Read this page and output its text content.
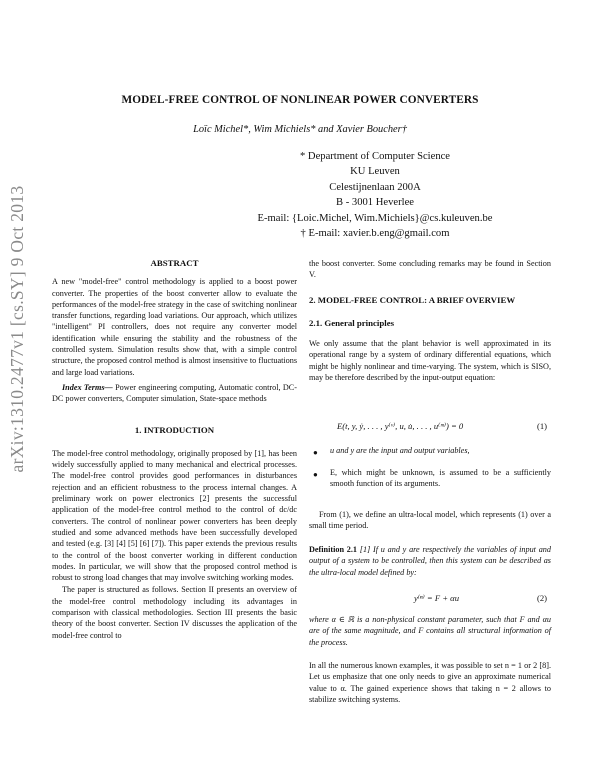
arXiv:1310.2477v1 [cs.SY] 9 Oct 2013
MODEL-FREE CONTROL OF NONLINEAR POWER CONVERTERS
Loïc Michel*, Wim Michiels* and Xavier Boucher†
* Department of Computer Science
KU Leuven
Celestijnenlaan 200A
B - 3001 Heverlee
E-mail: {Loic.Michel, Wim.Michiels}@cs.kuleuven.be
† E-mail: xavier.b.eng@gmail.com
ABSTRACT

A new "model-free" control methodology is applied to a boost power converter. The properties of the boost converter allow to evaluate the performances of the model-free strategy in the case of switching nonlinear transfer functions, regarding load variations. Our approach, which utilizes "intelligent" PI controllers, does not require any converter model identification while ensuring the stability and the robustness of the controlled system. Simulation results show that, with a simple control structure, the proposed control method is almost insensitive to fluctuations and large load variations.

Index Terms— Power engineering computing, Automatic control, DC-DC power converters, Computer simulation, State-space methods

1. INTRODUCTION

The model-free control methodology, originally proposed by [1], has been widely successfully applied to many mechanical and electrical processes. The model-free control provides good performances in disturbances rejection and an efficient robustness to the process internal changes. A preliminary work on power electronics [2] presents the successful application of the model-free control method to the control of dc/dc converters. The control of nonlinear power converters has been deeply studied and some advanced methods have been successfully developed and tested (e.g. [3] [4] [5] [6] [7]). This paper extends the previous results to the control of the boost converter working in different conduction modes. In particular, we will show that the proposed control method is robust to strong load changes that may involve switching working modes.

The paper is structured as follows. Section II presents an overview of the model-free control methodology including its advantages in comparison with classical methodologies. Section III presents the basic theory of the boost converter. Section IV discusses the application of the model-free control to

the boost converter. Some concluding remarks may be found in Section V.

2. MODEL-FREE CONTROL: A BRIEF OVERVIEW
2.1. General principles

We only assume that the plant behavior is well approximated in its operational range by a system of ordinary differential equations, which might be highly nonlinear and time-varying. The system, which is SISO, may be therefore described by the input-output equation:

E(t, y, ẏ, . . . , y⁽ᵛ⁾, u, u̇, . . . , u⁽ᵐ⁾) = 0	(1)
● u and y are the input and output variables,
● E, which might be unknown, is assumed to be a sufficiently smooth function of its arguments.
From (1), we define an ultra-local model, which represents (1) over a small time period.
Definition 2.1 [1] If u and y are respectively the variables of input and output of a system to be controlled, then this system can be described as the ultra-local model defined by:
y⁽ⁿ⁾ = F + αu	(2)
where α ∈ ℝ is a non-physical constant parameter, such that F and αu are of the same magnitude, and F contains all structural information of the process.
In all the numerous known examples, it was possible to set n = 1 or 2 [8]. Let us emphasize that one only needs to give an approximate numerical value to α. The gained experience shows that taking n = 2 allows to stabilize switching systems.
